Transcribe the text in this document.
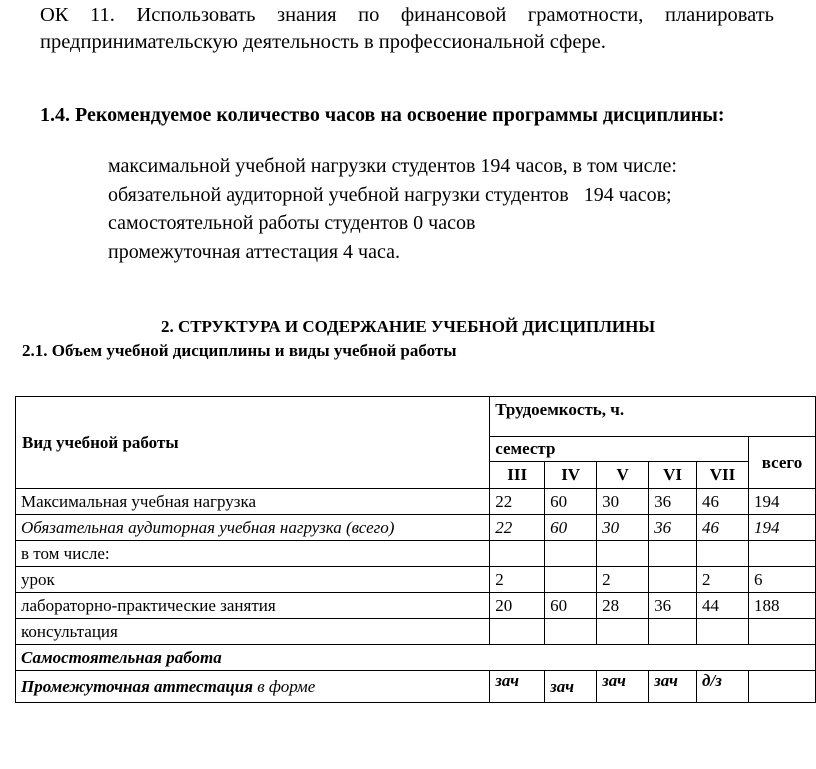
ОК 11. Использовать знания по финансовой грамотности, планировать
предпринимательскую деятельность в профессиональной сфере.

1.4. Рекомендуемое количество часов на освоение программы дисциплины:

максимальной учебной нагрузки студентов 194 часов, в том числе:
обязательной аудиторной учебной нагрузки студентов   194 часов;
самостоятельной работы студентов 0 часов
промежуточная аттестация 4 часа.

2. СТРУКТУРА И СОДЕРЖАНИЕ УЧЕБНОЙ ДИСЦИПЛИНЫ

2.1. Объем учебной дисциплины и виды учебной работы

Вид учебной работы	Трудоемкость, ч.					
	семестр					всего
	III	IV	V	VI	VII	
Максимальная учебная нагрузка	22	60	30	36	46	194
Обязательная аудиторная учебная нагрузка (всего)	22	60	30	36	46	194
в том числе:						
урок	2		2		2	6
лабораторно-практические занятия	20	60	28	36	44	188
консультация						
Самостоятельная работа						
Промежуточная аттестация в форме	зач	зач	зач	зач	д/з	
